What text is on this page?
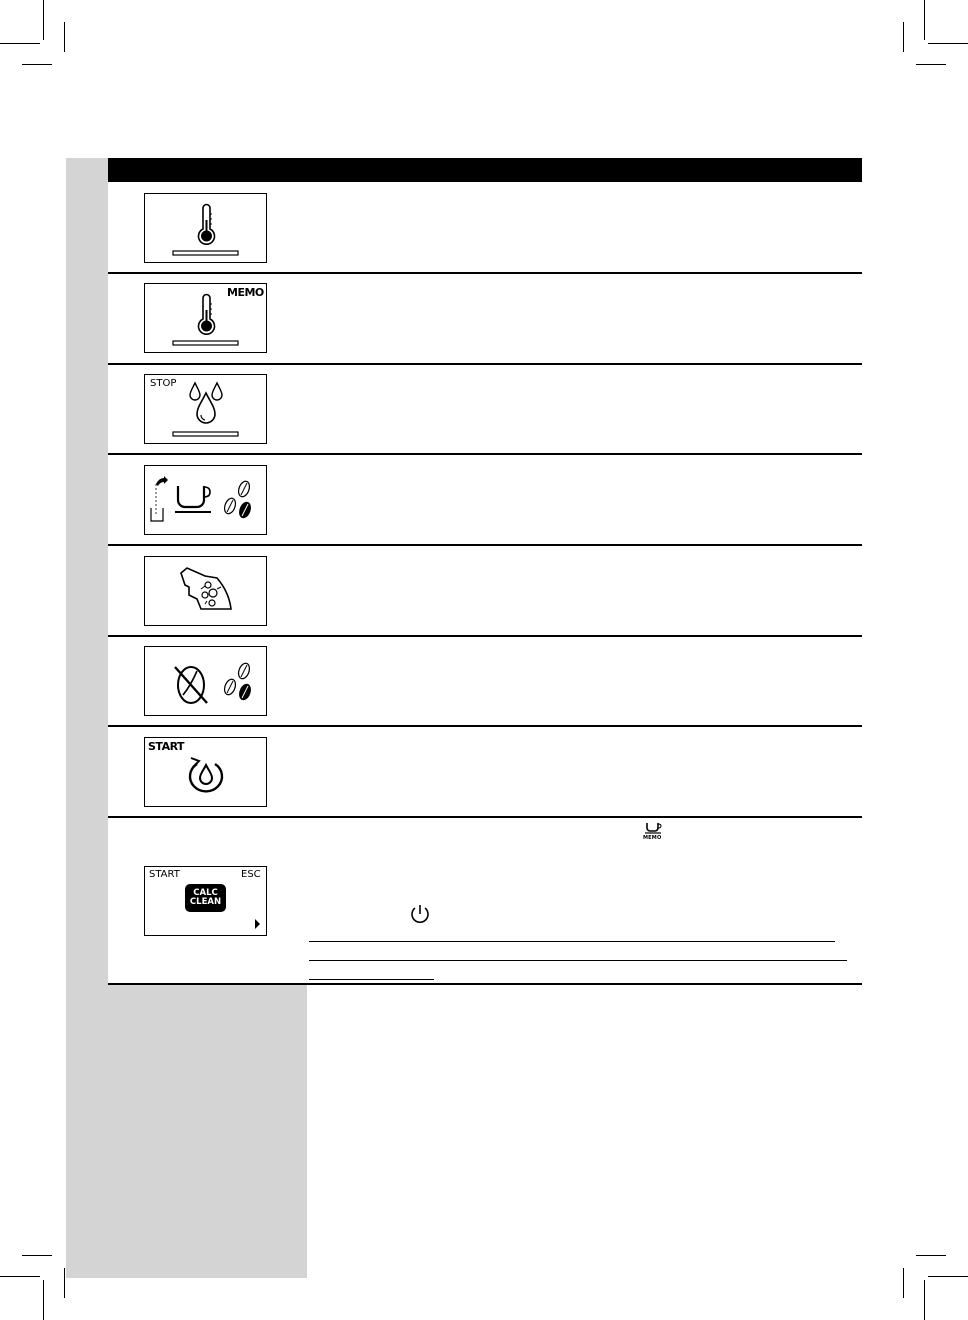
MEMO
STOP
START
START	ESC
CALC
CLEAN
MEMO
